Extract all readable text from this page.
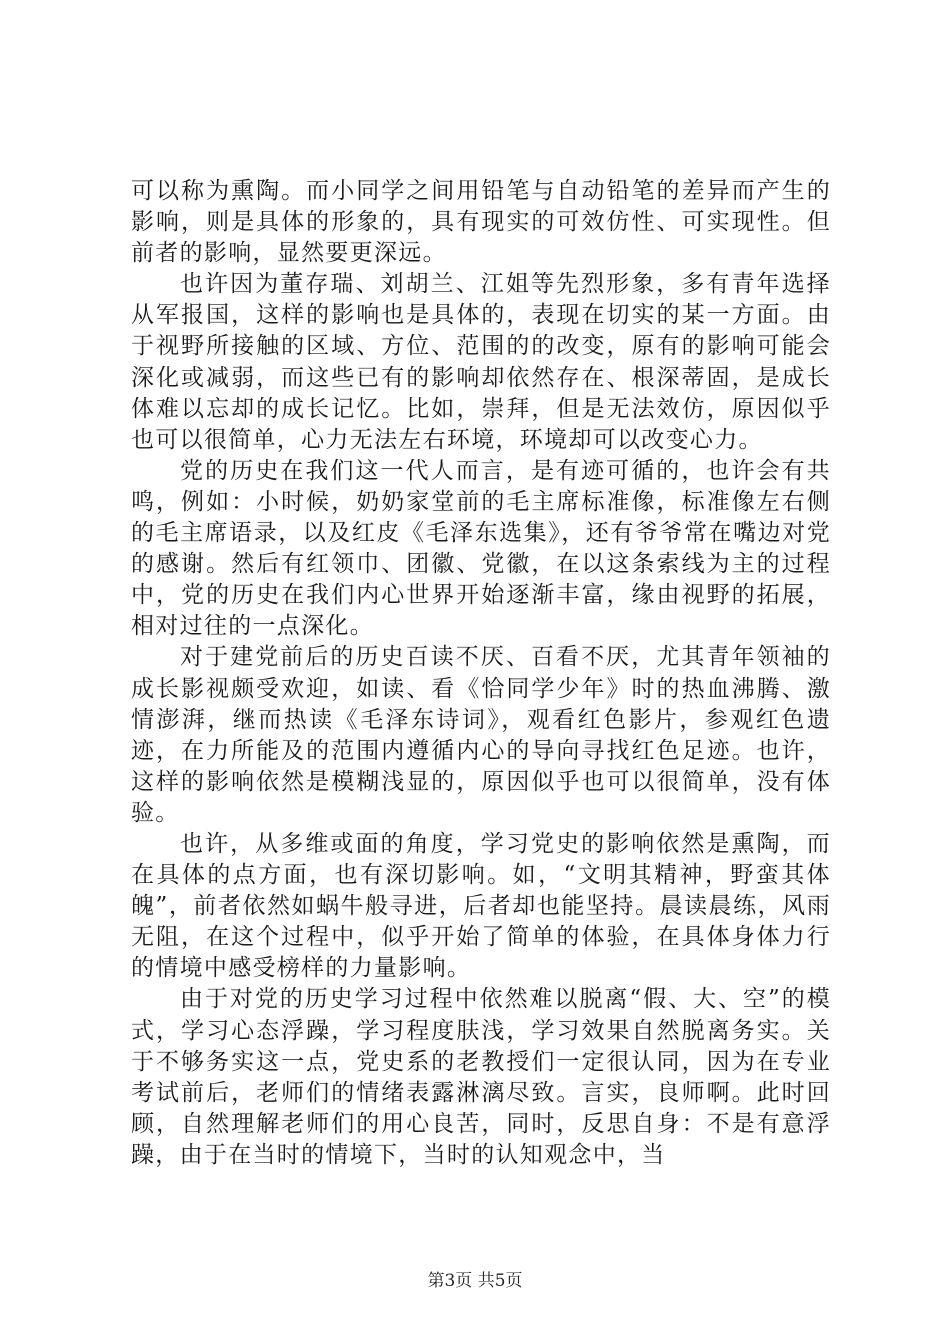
可以称为熏陶。而小同学之间用铅笔与自动铅笔的差异而产生的影响，则是具体的形象的，具有现实的可效仿性、可实现性。但前者的影响，显然要更深远。

也许因为董存瑞、刘胡兰、江姐等先烈形象，多有青年选择从军报国，这样的影响也是具体的，表现在切实的某一方面。由于视野所接触的区域、方位、范围的的改变，原有的影响可能会深化或减弱，而这些已有的影响却依然存在、根深蒂固，是成长体难以忘却的成长记忆。比如，崇拜，但是无法效仿，原因似乎也可以很简单，心力无法左右环境，环境却可以改变心力。

党的历史在我们这一代人而言，是有迹可循的，也许会有共鸣，例如：小时候，奶奶家堂前的毛主席标准像，标准像左右侧的毛主席语录，以及红皮《毛泽东选集》，还有爷爷常在嘴边对党的感谢。然后有红领巾、团徽、党徽，在以这条索线为主的过程中，党的历史在我们内心世界开始逐渐丰富，缘由视野的拓展，相对过往的一点深化。

对于建党前后的历史百读不厌、百看不厌，尤其青年领袖的成长影视颇受欢迎，如读、看《恰同学少年》时的热血沸腾、激情澎湃，继而热读《毛泽东诗词》，观看红色影片，参观红色遗迹，在力所能及的范围内遵循内心的导向寻找红色足迹。也许，这样的影响依然是模糊浅显的，原因似乎也可以很简单，没有体验。

也许，从多维或面的角度，学习党史的影响依然是熏陶，而在具体的点方面，也有深切影响。如，“文明其精神，野蛮其体魄”，前者依然如蜗牛般寻进，后者却也能坚持。晨读晨练，风雨无阻，在这个过程中，似乎开始了简单的体验，在具体身体力行的情境中感受榜样的力量影响。

由于对党的历史学习过程中依然难以脱离“假、大、空”的模式，学习心态浮躁，学习程度肤浅，学习效果自然脱离务实。关于不够务实这一点，党史系的老教授们一定很认同，因为在专业考试前后，老师们的情绪表露淋漓尽致。言实，良师啊。此时回顾，自然理解老师们的用心良苦，同时，反思自身：不是有意浮躁，由于在当时的情境下，当时的认知观念中，当

第3页 共5页
